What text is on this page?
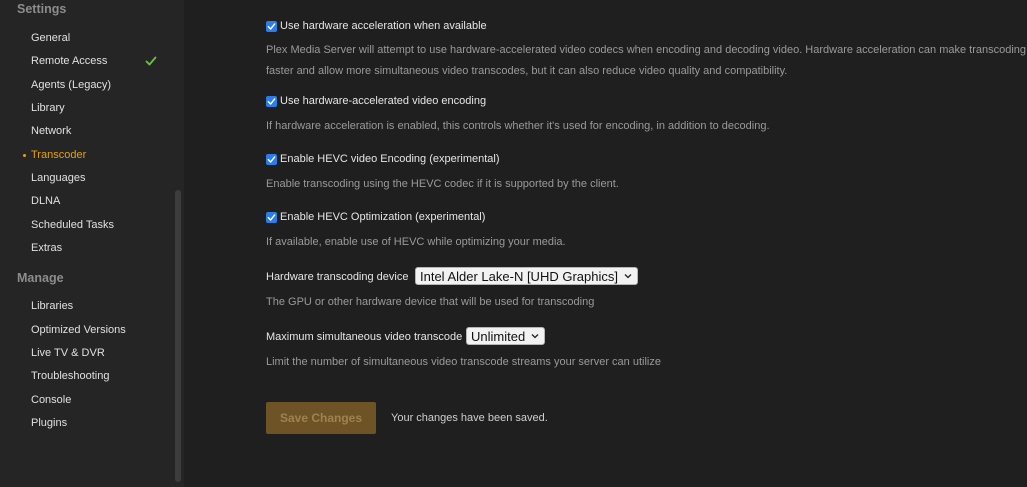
Settings
General
Remote Access
Agents (Legacy)
Library
Network
Transcoder
Languages
DLNA
Scheduled Tasks
Extras
Manage
Libraries
Optimized Versions
Live TV & DVR
Troubleshooting
Console
Plugins
Use hardware acceleration when available
Plex Media Server will attempt to use hardware-accelerated video codecs when encoding and decoding video. Hardware acceleration can make transcoding
faster and allow more simultaneous video transcodes, but it can also reduce video quality and compatibility.
Use hardware-accelerated video encoding
If hardware acceleration is enabled, this controls whether it's used for encoding, in addition to decoding.
Enable HEVC video Encoding (experimental)
Enable transcoding using the HEVC codec if it is supported by the client.
Enable HEVC Optimization (experimental)
If available, enable use of HEVC while optimizing your media.
Hardware transcoding device Intel Alder Lake-N [UHD Graphics]
The GPU or other hardware device that will be used for transcoding
Maximum simultaneous video transcode Unlimited
Limit the number of simultaneous video transcode streams your server can utilize
Save Changes	Your changes have been saved.
